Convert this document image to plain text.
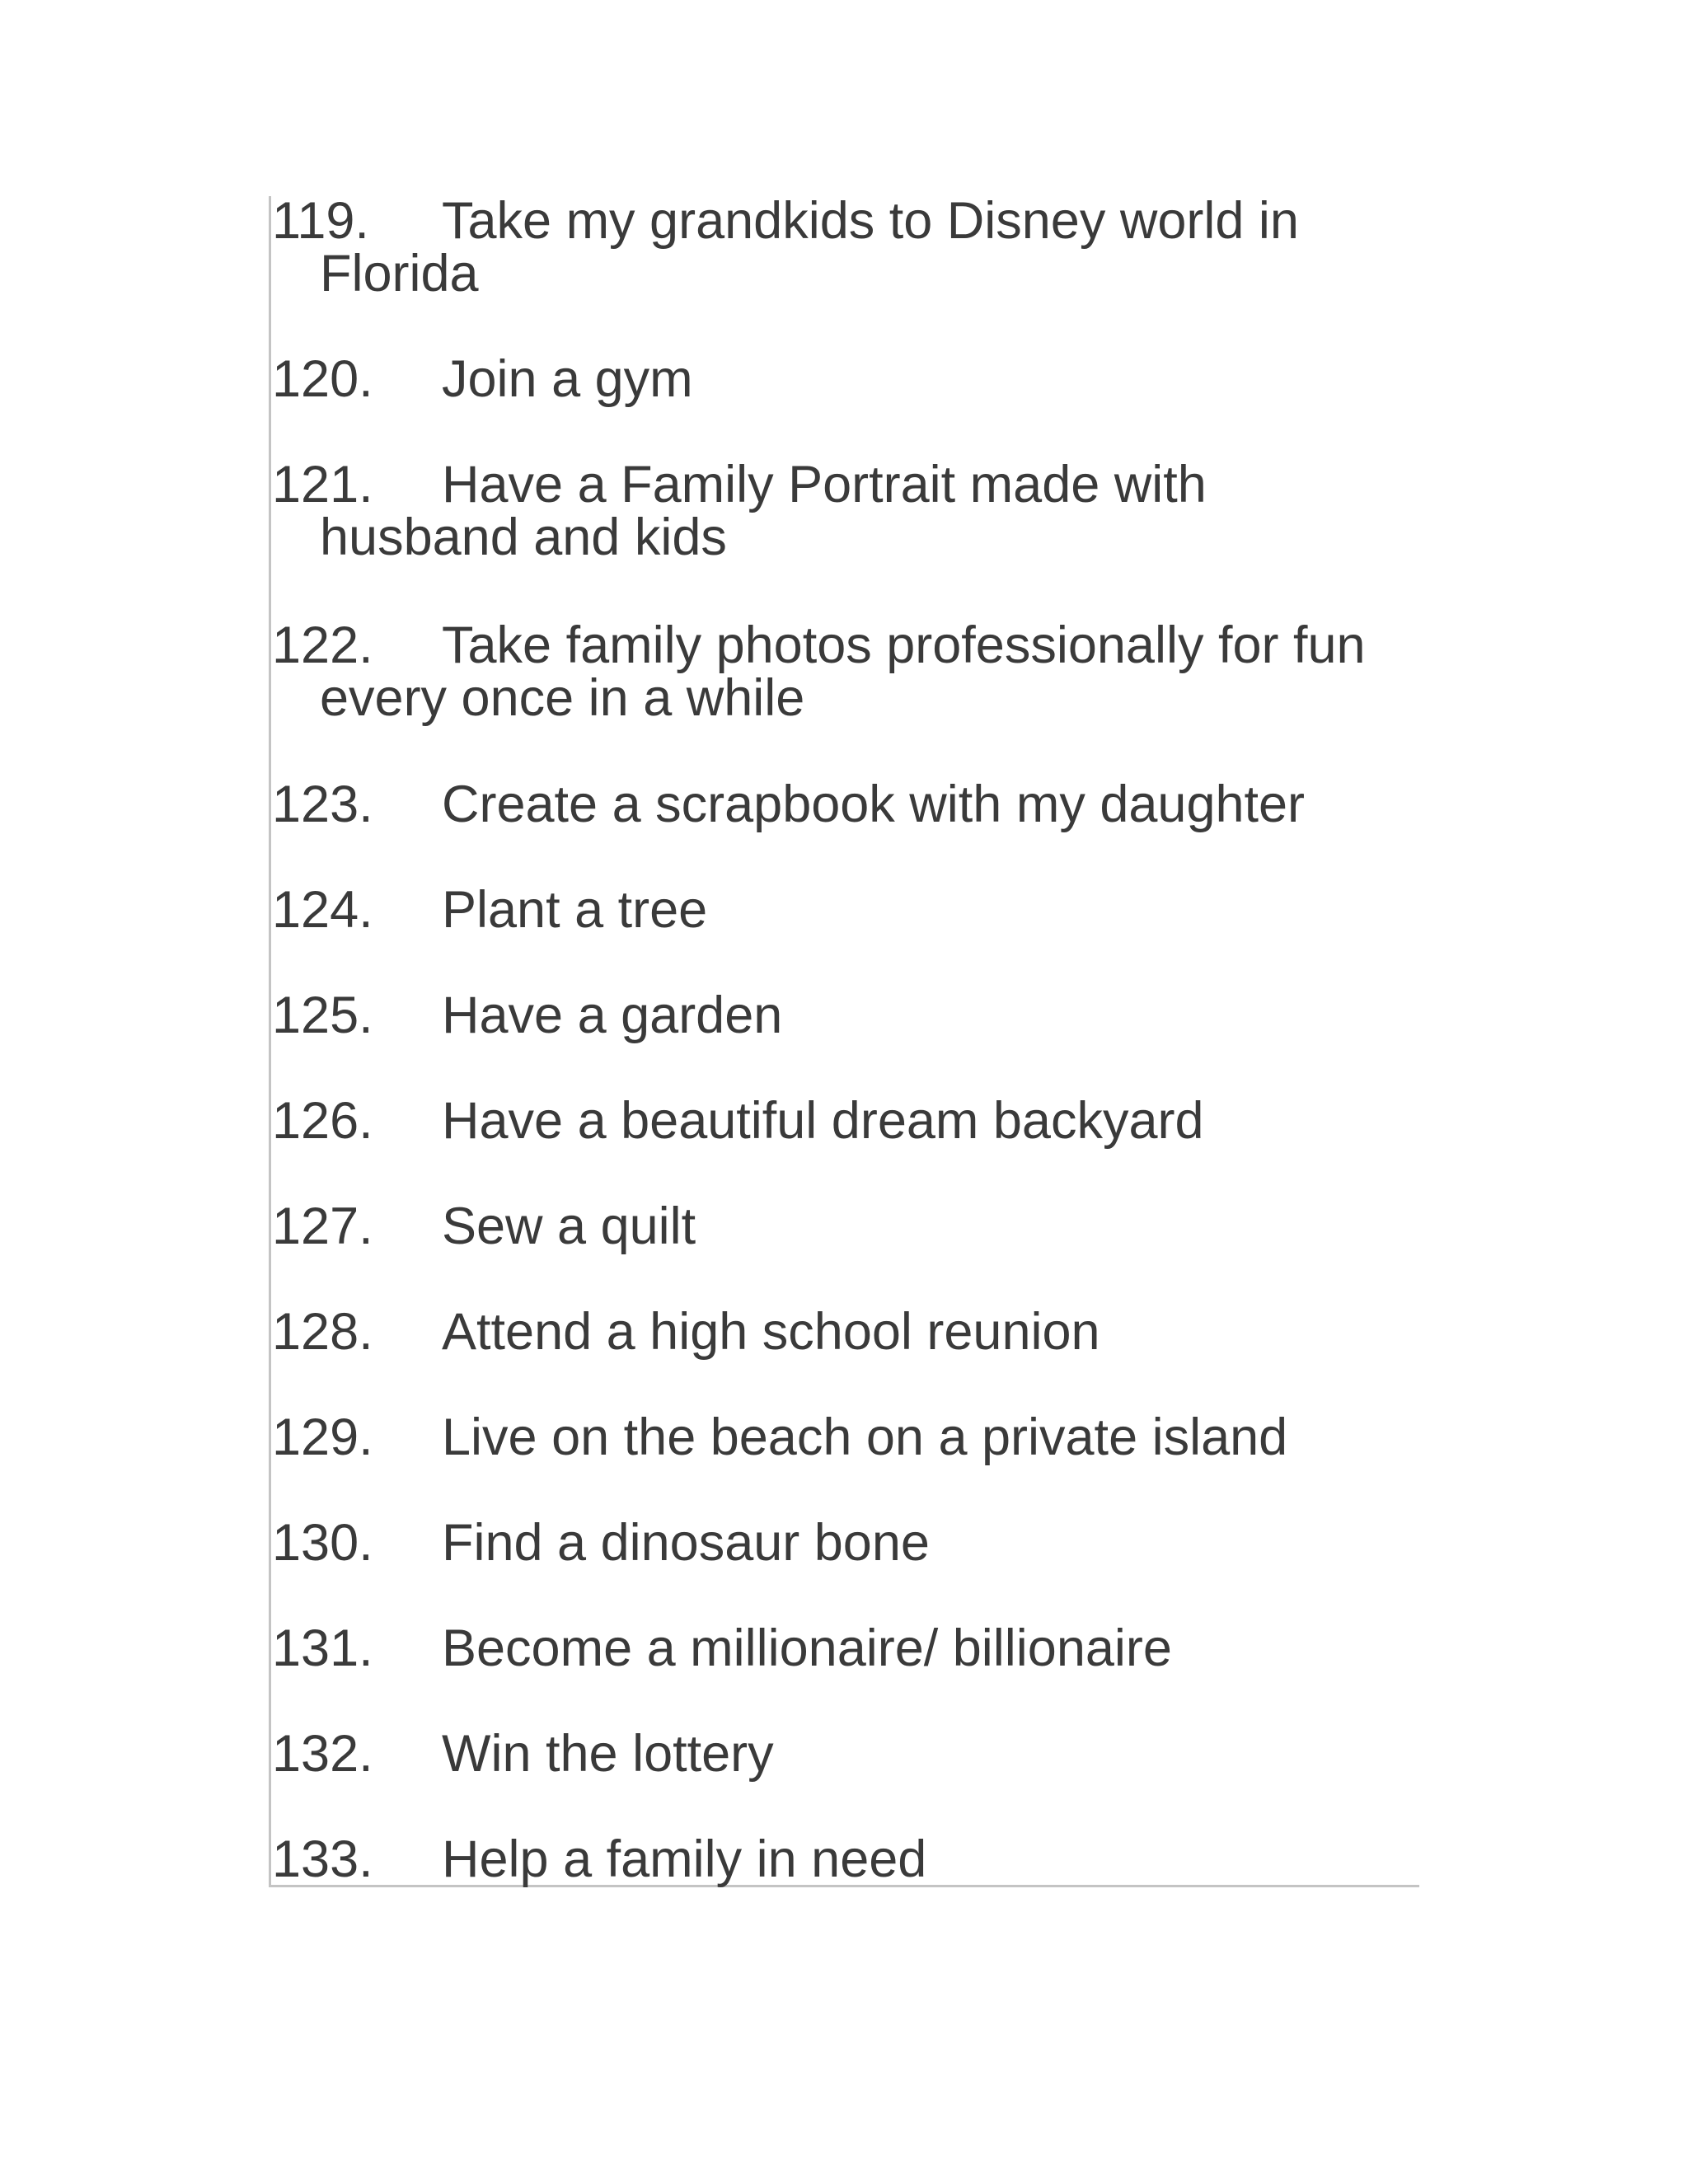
119. Take my grandkids to Disney world in
Florida
120. Join a gym
121. Have a Family Portrait made with
husband and kids
122. Take family photos professionally for fun
every once in a while
123. Create a scrapbook with my daughter
124. Plant a tree
125. Have a garden
126. Have a beautiful dream backyard
127. Sew a quilt
128. Attend a high school reunion
129. Live on the beach on a private island
130. Find a dinosaur bone
131. Become a millionaire/ billionaire
132. Win the lottery
133. Help a family in need
